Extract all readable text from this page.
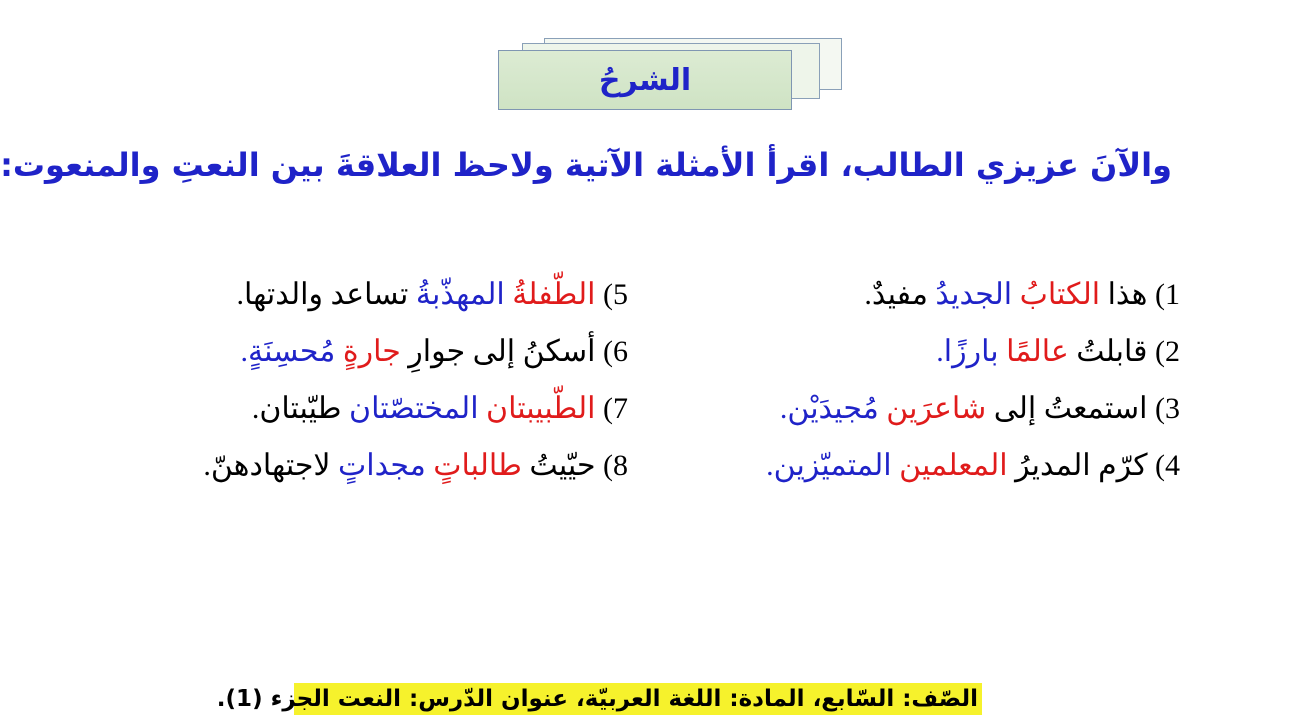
الشرحُ
والآنَ عزيزي الطالب، اقرأ الأمثلة الآتية ولاحظ العلاقةَ بين النعتِ والمنعوت:
1) هذا الكتابُ الجديدُ مفيدٌ.
2) قابلتُ عالمًا بارزًا.
3) استمعتُ إلى شاعرَين مُجيدَيْن.
4) كرّم المديرُ المعلمين المتميّزين.
5) الطّفلةُ المهذّبةُ تساعد والدتها.
6) أسكنُ إلى جوارِ جارةٍ مُحسِنَةٍ.
7) الطّبيبتان المختصّتان طيّبتان.
8) حيّيتُ طالباتٍ مجداتٍ لاجتهادهنّ.
الصّف: السّابع، المادة: اللغة العربيّة، عنوان الدّرس: النعت الجزء (1).
